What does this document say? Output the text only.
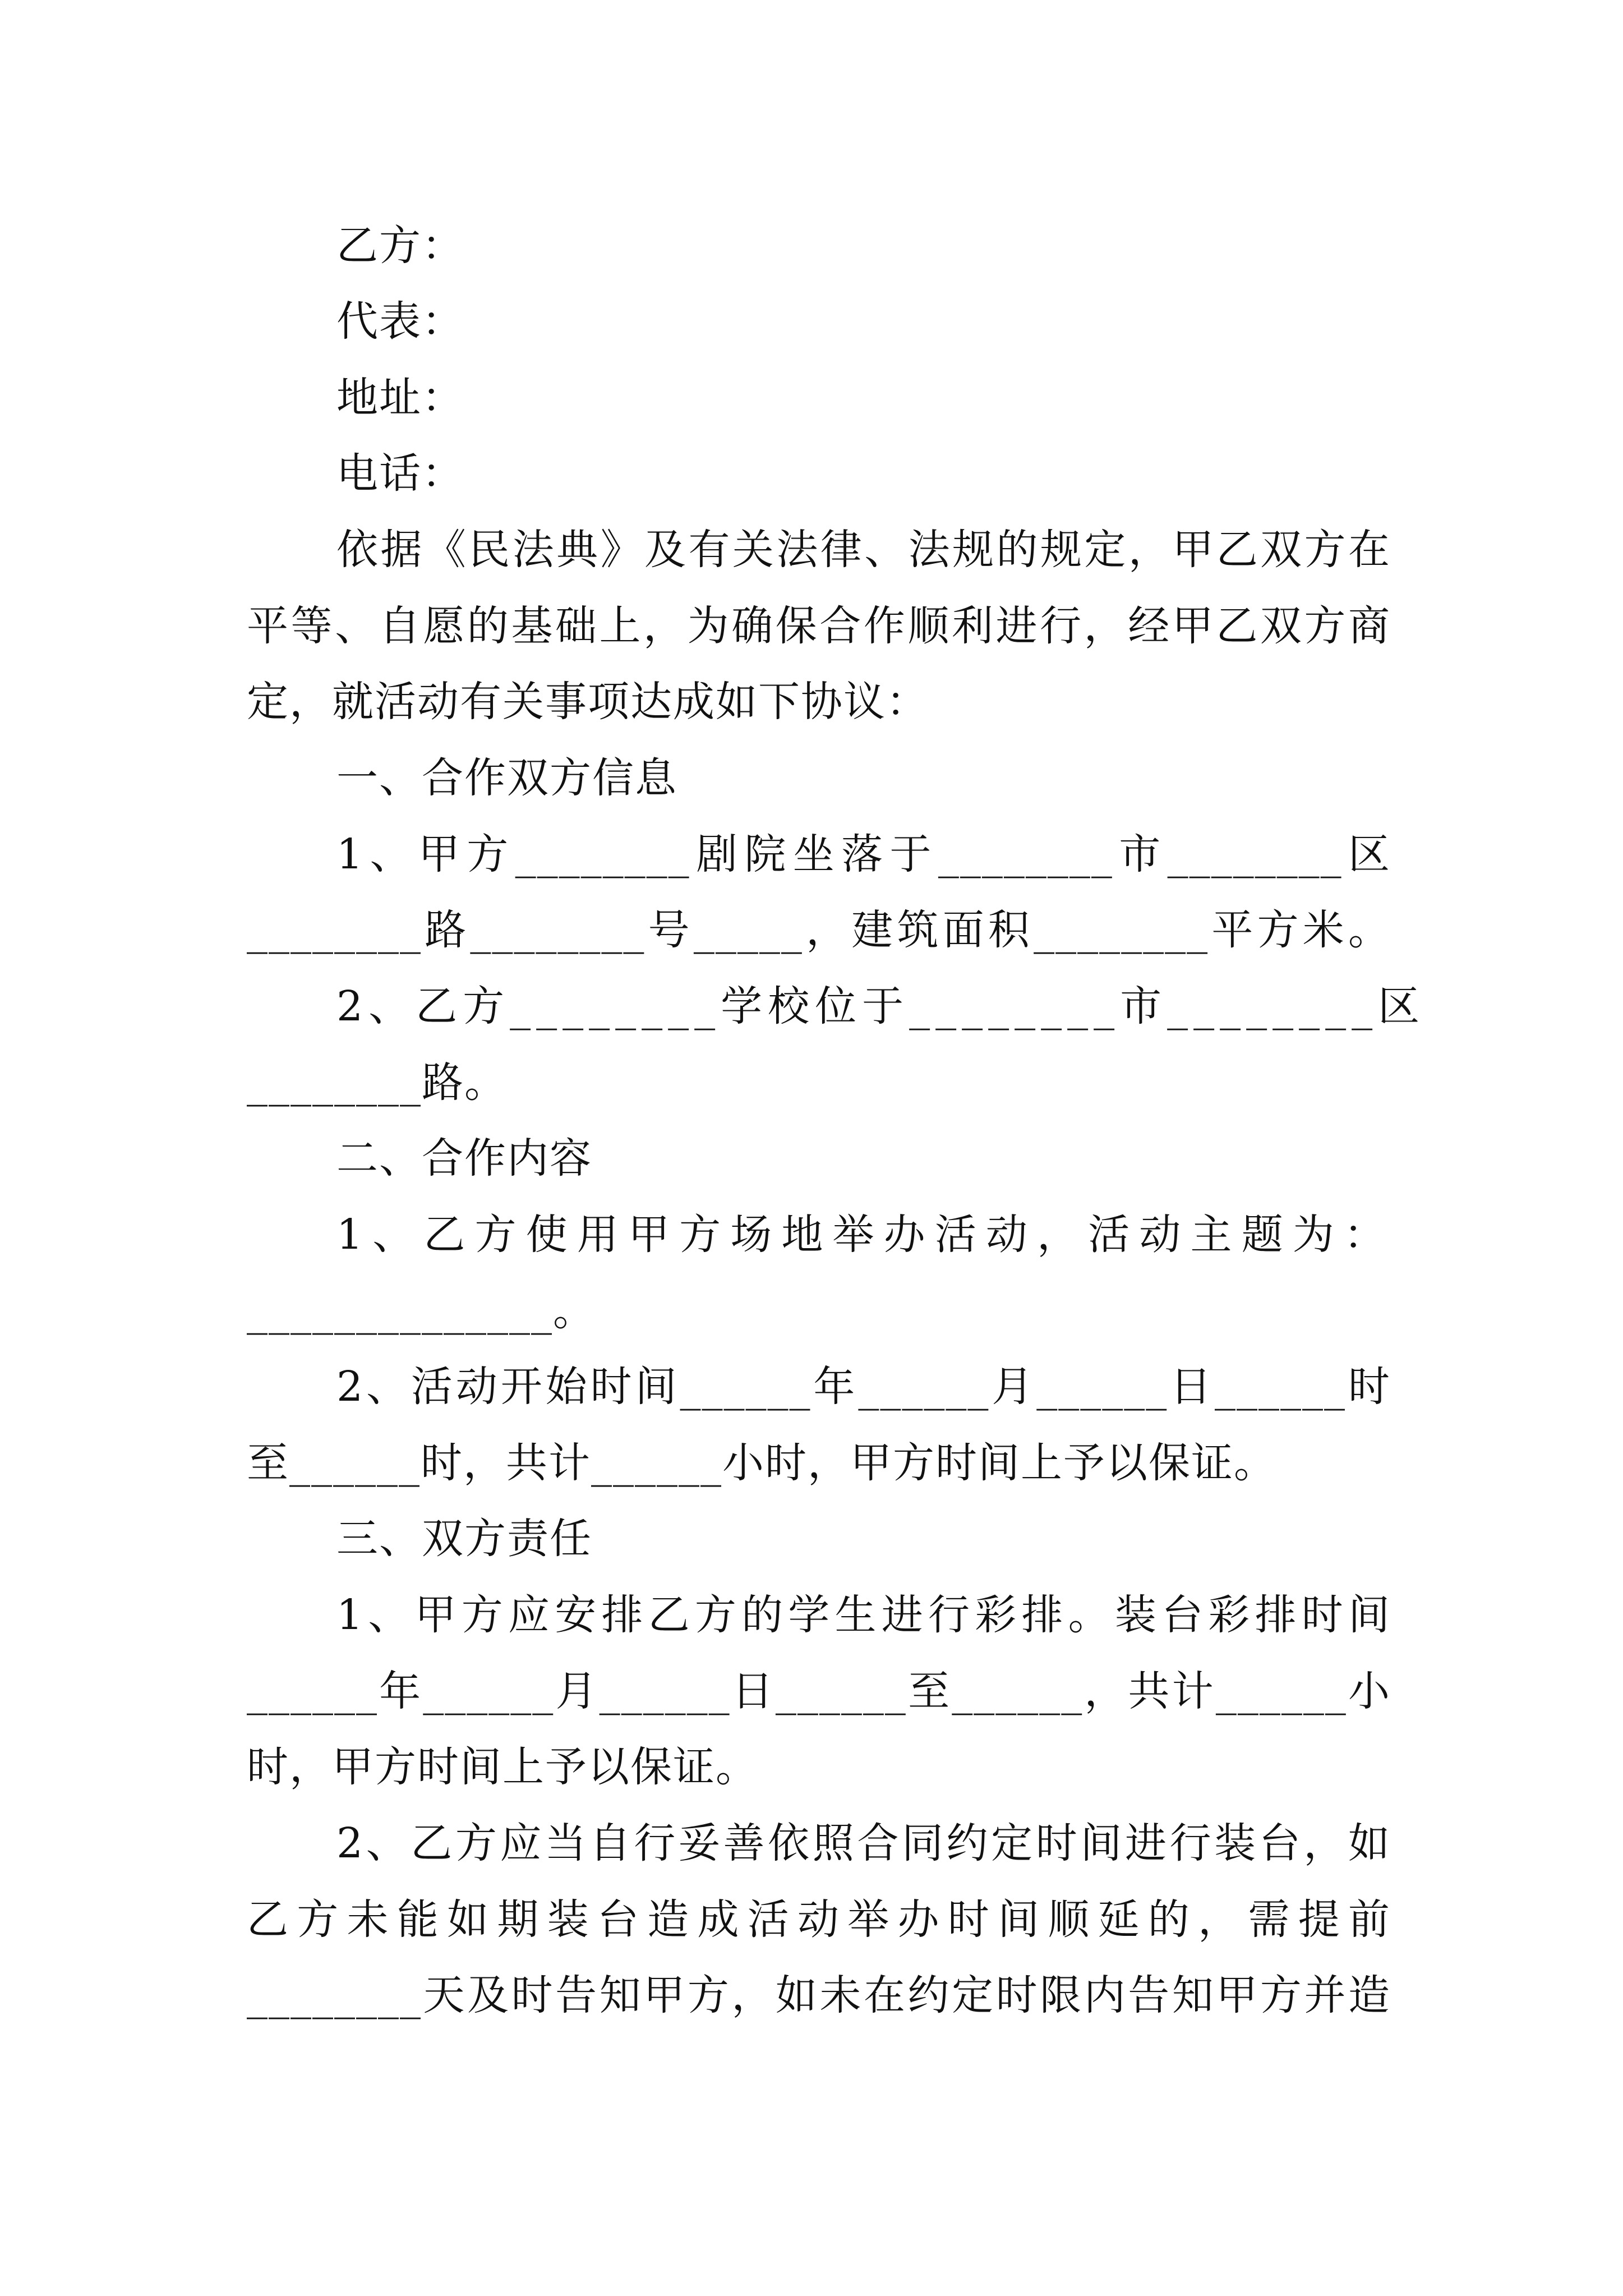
乙方：
代表：
地址：
电话：
依据《民法典》及有关法律、法规的规定，甲乙双方在
平等、自愿的基础上，为确保合作顺利进行，经甲乙双方商
定，就活动有关事项达成如下协议：
一、合作双方信息
1、甲方________剧院坐落于________市________区
________路________号_____，建筑面积________平方米。
2、乙方________学校位于________市________区
________路。
二、合作内容
1、乙方使用甲方场地举办活动，活动主题为：
______________。
2、活动开始时间______年______月______日______时
至______时，共计______小时，甲方时间上予以保证。
三、双方责任
1、甲方应安排乙方的学生进行彩排。装台彩排时间
______年______月______日______至______，共计______小
时，甲方时间上予以保证。
2、乙方应当自行妥善依照合同约定时间进行装台，如
乙方未能如期装台造成活动举办时间顺延的，需提前
________天及时告知甲方，如未在约定时限内告知甲方并造
